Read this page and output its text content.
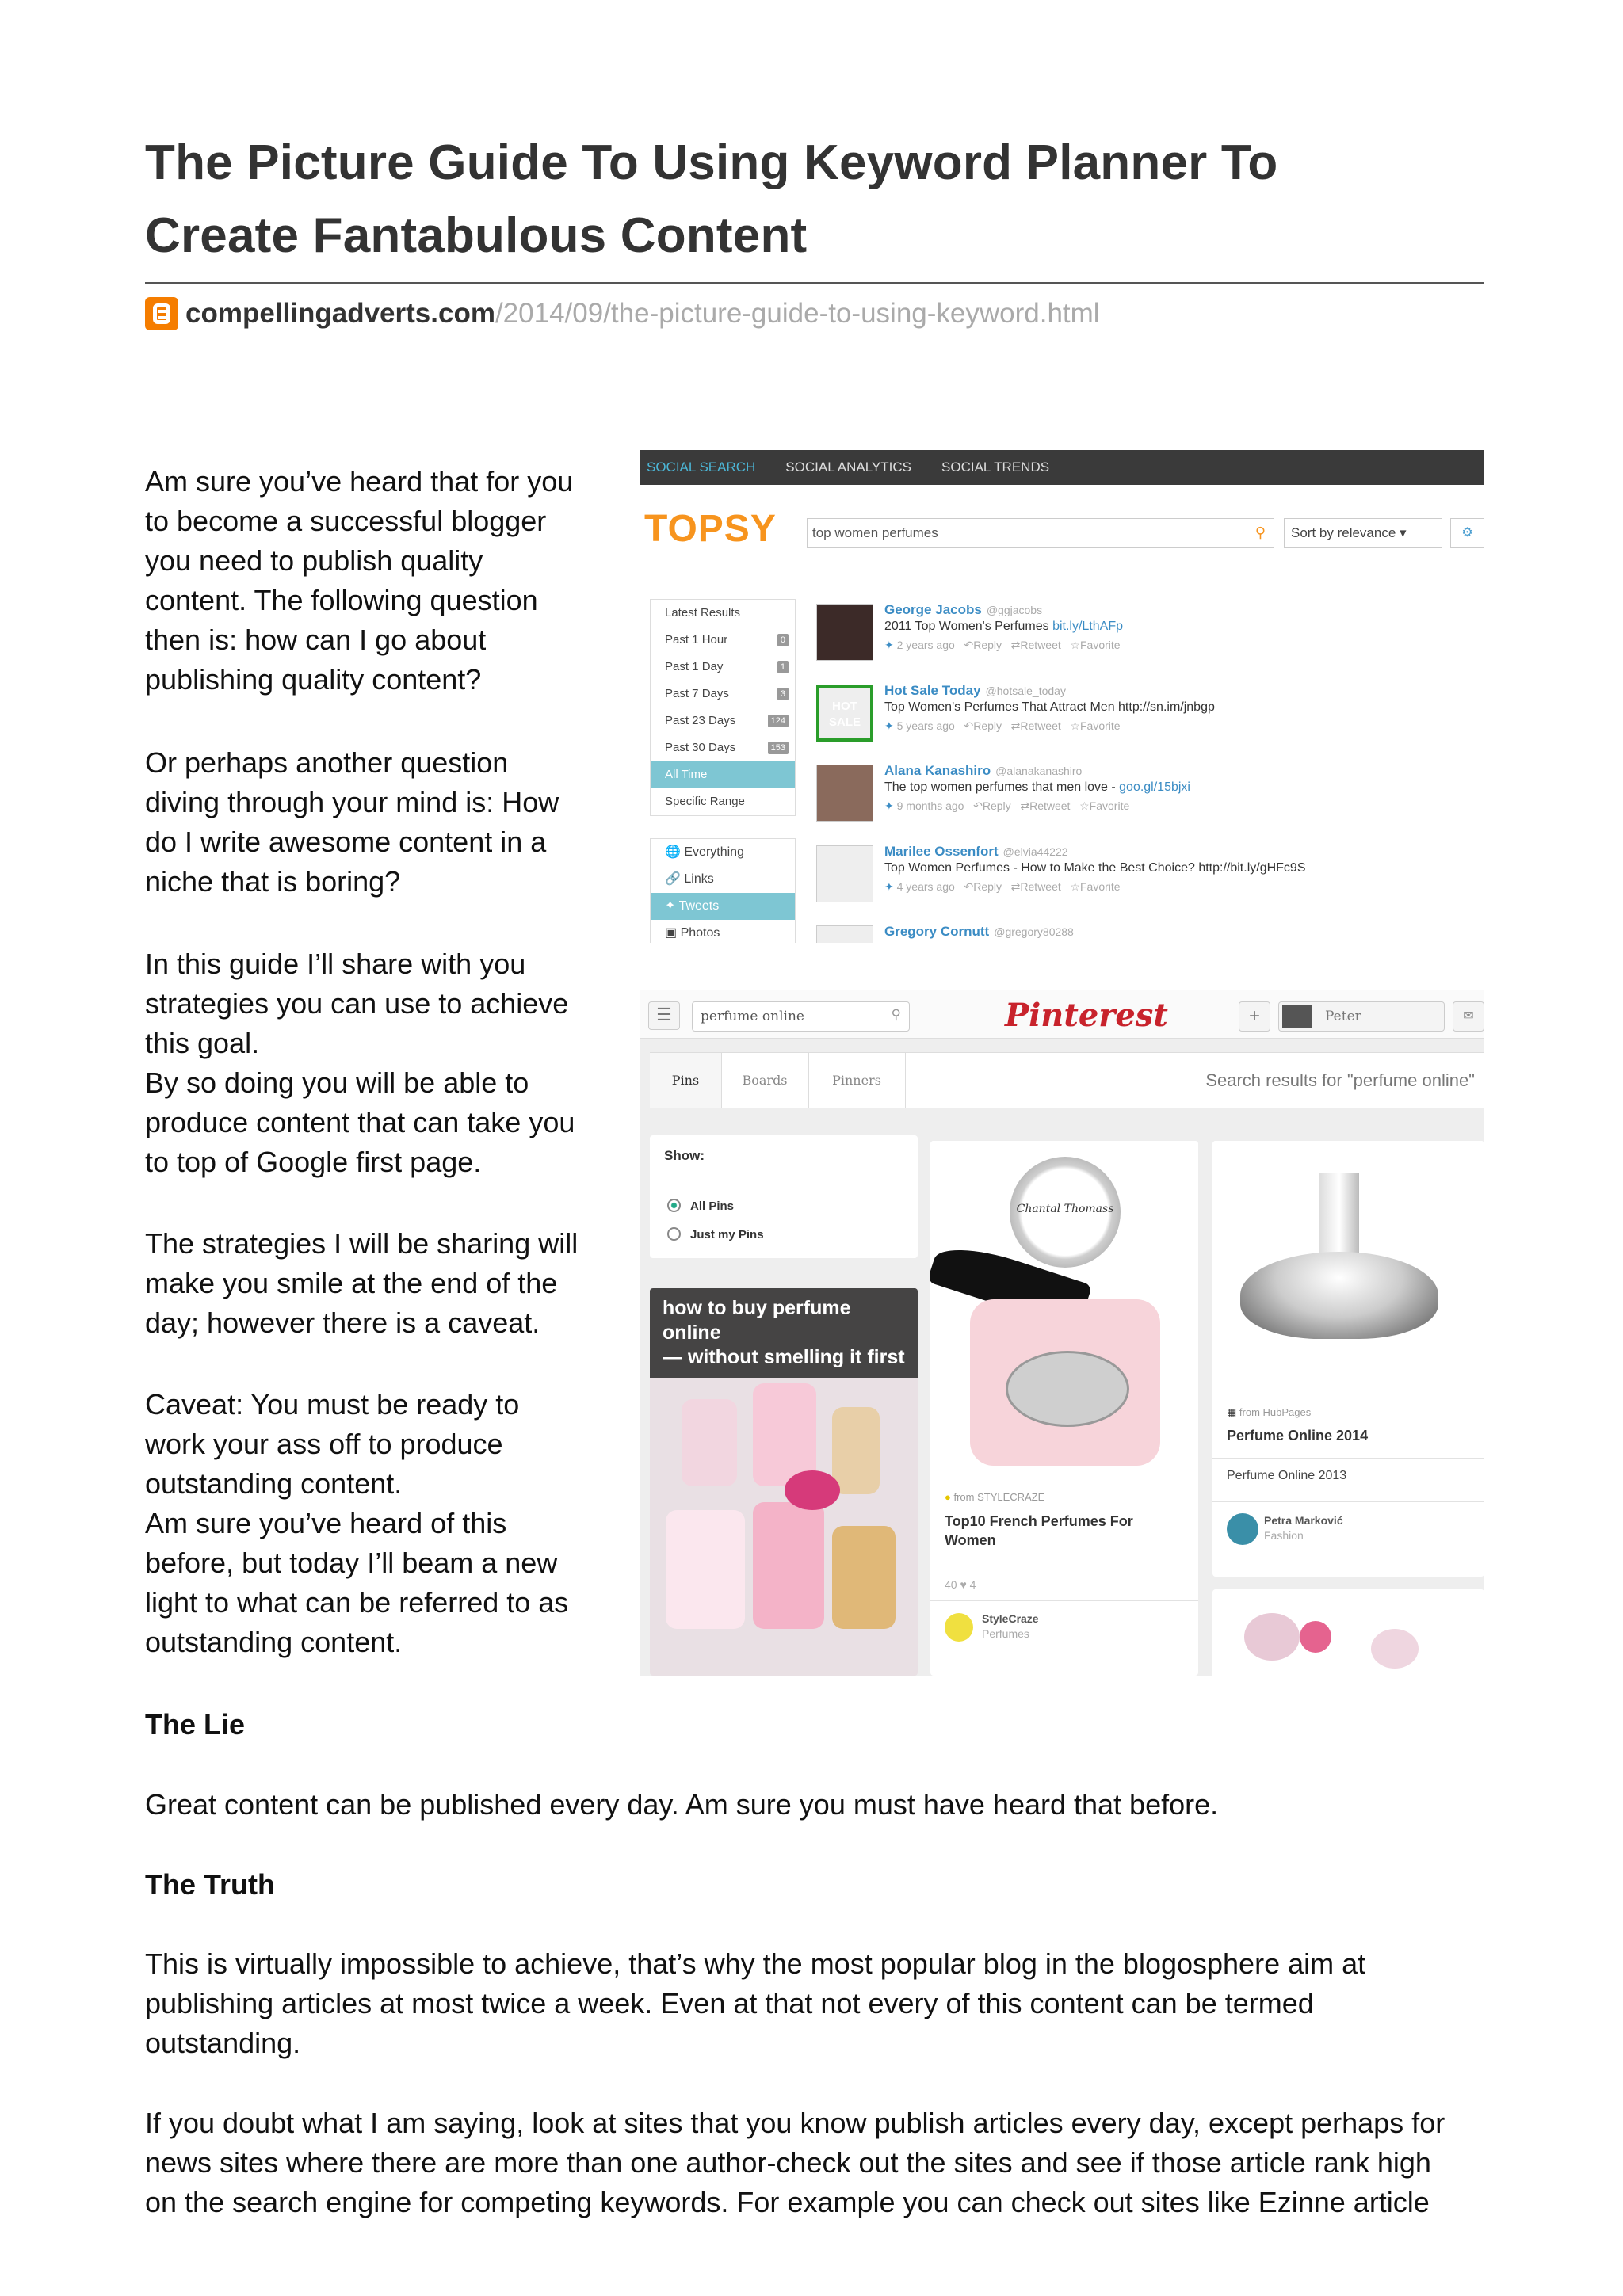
The Picture Guide To Using Keyword Planner To
Create Fantabulous Content
compellingadverts.com /2014/09/the-picture-guide-to-using-keyword.html
Am sure you’ve heard that for you
to become a successful blogger
you need to publish quality
content. The following question
then is: how can I go about
publishing quality content?
Or perhaps another question
diving through your mind is: How
do I write awesome content in a
niche that is boring?
In this guide I’ll share with you
strategies you can use to achieve
this goal.
By so doing you will be able to
produce content that can take you
to top of Google first page.
The strategies I will be sharing will
make you smile at the end of the
day; however there is a caveat.
Caveat: You must be ready to
work your ass off to produce
outstanding content.
Am sure you’ve heard of this
before, but today I’ll beam a new
light to what can be referred to as
outstanding content.
The Lie
Great content can be published every day. Am sure you must have heard that before.
The Truth
This is virtually impossible to achieve, that’s why the most popular blog in the blogosphere aim at
publishing articles at most twice a week. Even at that not every of this content can be termed
outstanding.
If you doubt what I am saying, look at sites that you know publish articles every day, except perhaps for
news sites where there are more than one author-check out the sites and see if those article rank high
on the search engine for competing keywords. For example you can check out sites like Ezinne article
SOCIAL SEARCH SOCIAL ANALYTICS SOCIAL TRENDS
TOPSY	top women perfumes	⚲	Sort by relevance ▾	⚙
Latest Results
Past 1 Hour	0
Past 1 Day	1
Past 7 Days	3
Past 23 Days	124
Past 30 Days	153
All Time
Specific Range
🌐 Everything
🔗 Links
✦ Tweets
▣ Photos
George Jacobs @ggjacobs
2011 Top Women's Perfumes bit.ly/LthAFp
✦ 2 years ago   ↶Reply   ⇄Retweet   ☆Favorite
HOT
SALE
Hot Sale Today @hotsale_today
Top Women's Perfumes That Attract Men http://sn.im/jnbgp
✦ 5 years ago   ↶Reply   ⇄Retweet   ☆Favorite
Alana Kanashiro @alanakanashiro
The top women perfumes that men love - goo.gl/15bjxi
✦ 9 months ago   ↶Reply   ⇄Retweet   ☆Favorite
Marilee Ossenfort @elvia44222
Top Women Perfumes - How to Make the Best Choice? http://bit.ly/gHFc9S
✦ 4 years ago   ↶Reply   ⇄Retweet   ☆Favorite
Gregory Cornutt @gregory80288
☰	perfume online	⚲	Pinterest	+	Peter	✉
Pins	Boards	Pinners	Search results for "perfume online"
Show:
All Pins
Just my Pins
how to buy perfume online
— without smelling it first
Chantal Thomass
● from STYLECRAZE
Top10 French Perfumes For
Women
40 ♥ 4
StyleCraze
Perfumes
▦ from HubPages
Perfume Online 2014
Perfume Online 2013
Petra Marković
Fashion
